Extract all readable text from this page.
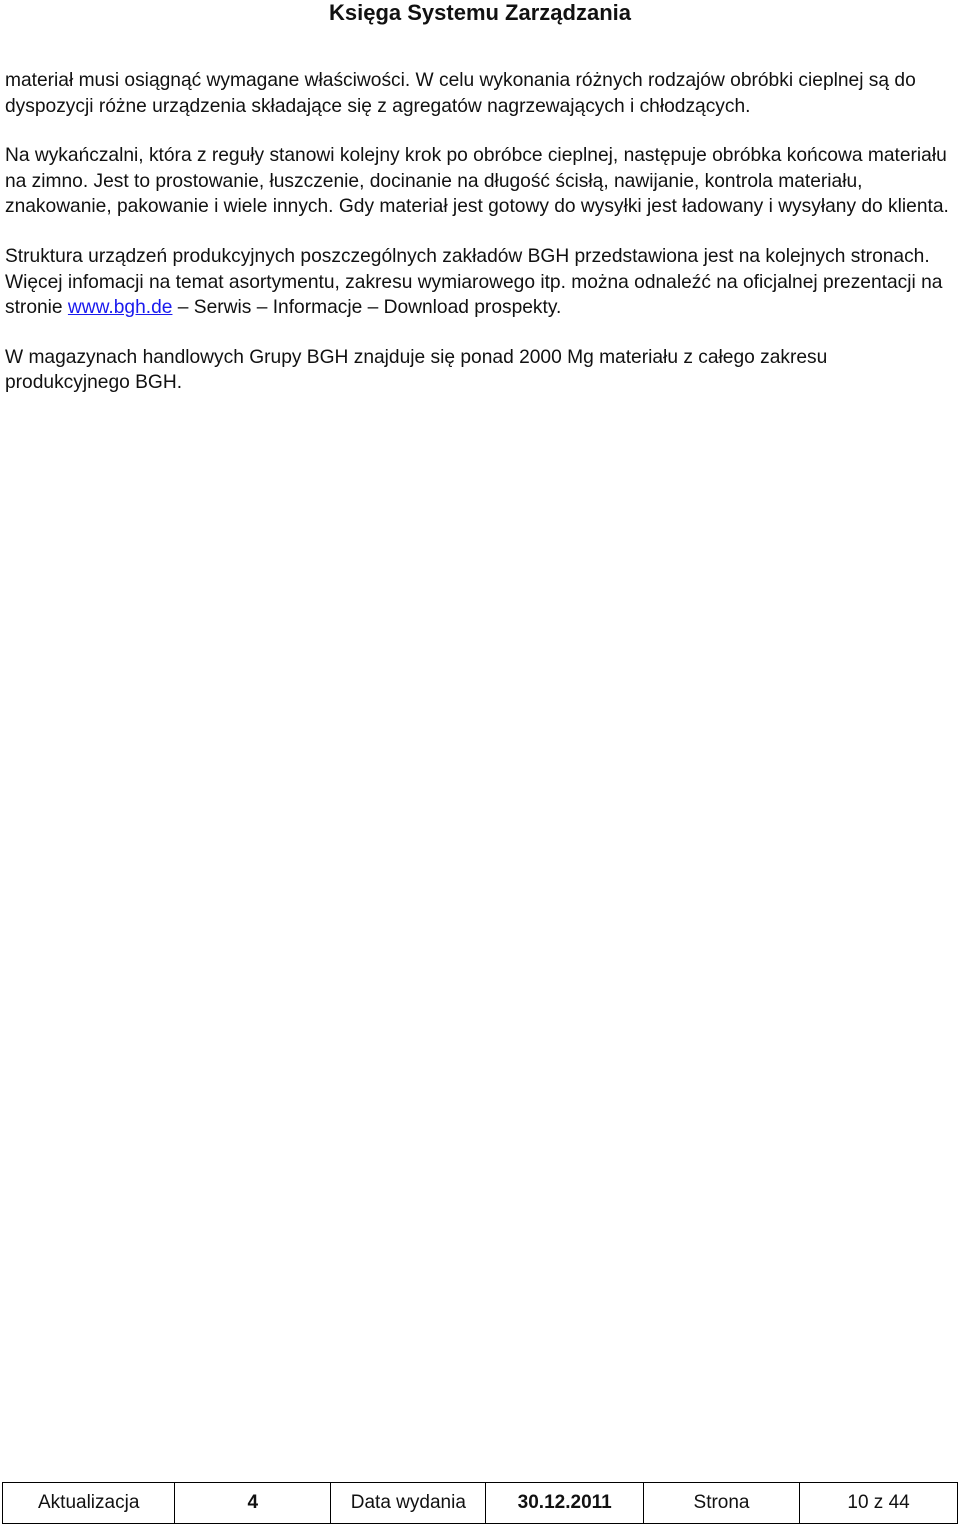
Księga Systemu Zarządzania

materiał musi osiągnąć wymagane właściwości. W celu wykonania różnych rodzajów obróbki cieplnej są do dyspozycji różne urządzenia składające się z agregatów nagrzewających i chłodzących.

Na wykańczalni, która z reguły stanowi kolejny krok po obróbce cieplnej, następuje obróbka końcowa materiału na zimno. Jest to prostowanie, łuszczenie, docinanie na długość ścisłą, nawijanie, kontrola materiału, znakowanie, pakowanie i wiele innych. Gdy materiał jest gotowy do wysyłki jest ładowany i wysyłany do klienta.

Struktura urządzeń produkcyjnych poszczególnych zakładów BGH przedstawiona jest na kolejnych stronach. Więcej infomacji na temat asortymentu, zakresu wymiarowego itp. można odnaleźć na oficjalnej prezentacji na stronie www.bgh.de – Serwis – Informacje – Download prospekty.

W magazynach handlowych Grupy BGH znajduje się ponad 2000 Mg materiału z całego zakresu produkcyjnego BGH.

Aktualizacja	4	Data wydania	30.12.2011	Strona	10 z 44
